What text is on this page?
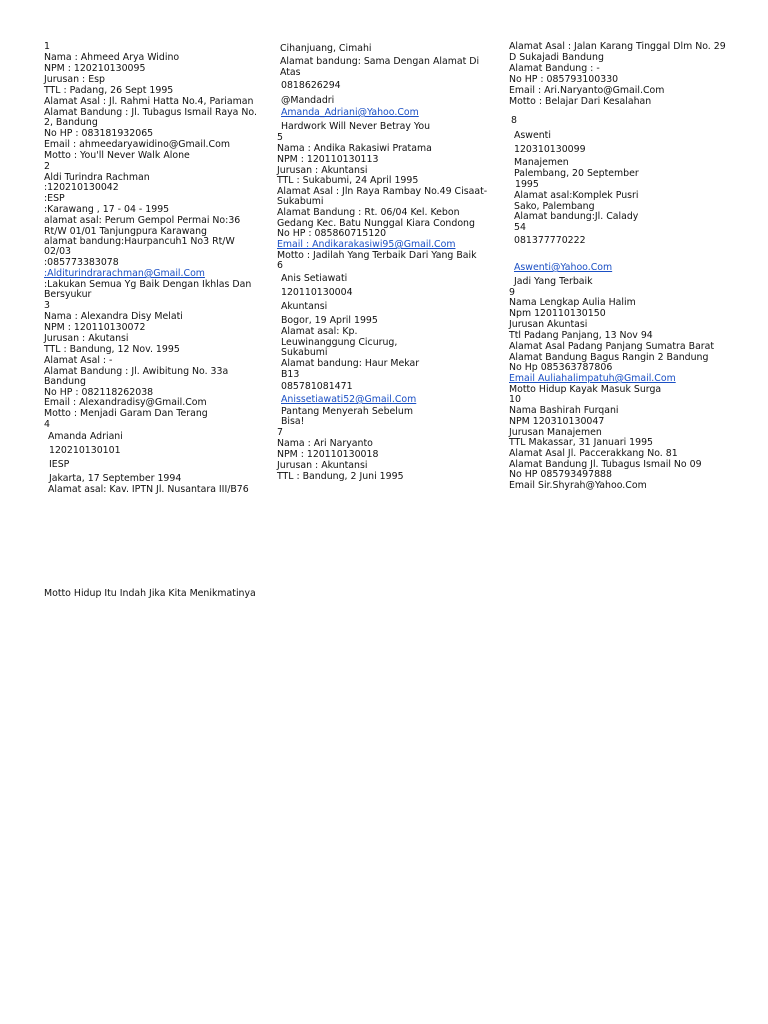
1
Nama : Ahmeed Arya Widino
NPM : 120210130095
Jurusan : Esp
TTL : Padang, 26 Sept 1995
Alamat Asal : Jl. Rahmi Hatta No.4, Pariaman
Alamat Bandung : Jl. Tubagus Ismail Raya No.
2, Bandung
No HP : 083181932065
Email : ahmeedaryawidino@Gmail.Com
Motto : You'll Never Walk Alone
2
Aldi Turindra Rachman
:120210130042
:ESP
:Karawang , 17 - 04 - 1995
alamat asal: Perum Gempol Permai No:36
Rt/W 01/01 Tanjungpura Karawang
alamat bandung:Haurpancuh1 No3 Rt/W
02/03
:085773383078
:Alditurindrarachman@Gmail.Com
:Lakukan Semua Yg Baik Dengan Ikhlas Dan
Bersyukur
3
Nama : Alexandra Disy Melati
NPM : 120110130072
Jurusan : Akutansi
TTL : Bandung, 12 Nov. 1995
Alamat Asal : -
Alamat Bandung : Jl. Awibitung No. 33a
Bandung
No HP : 082118262038
Email : Alexandradisy@Gmail.Com
Motto : Menjadi Garam Dan Terang
4
Amanda Adriani
120210130101
IESP
Jakarta, 17 September 1994
Alamat asal: Kav. IPTN Jl. Nusantara III/B76
Motto Hidup Itu Indah Jika Kita Menikmatinya
Cihanjuang, Cimahi
Alamat bandung: Sama Dengan Alamat Di
Atas
0818626294
@Mandadri
Amanda_Adriani@Yahoo.Com
Hardwork Will Never Betray You
5
Nama : Andika Rakasiwi Pratama
NPM : 120110130113
Jurusan : Akuntansi
TTL : Sukabumi, 24 April 1995
Alamat Asal : Jln Raya Rambay No.49 Cisaat-
Sukabumi
Alamat Bandung : Rt. 06/04 Kel. Kebon
Gedang Kec. Batu Nunggal Kiara Condong
No HP : 085860715120
Email : Andikarakasiwi95@Gmail.Com
Motto : Jadilah Yang Terbaik Dari Yang Baik
6
Anis Setiawati
120110130004
Akuntansi
Bogor, 19 April 1995
Alamat asal: Kp.
Leuwinanggung Cicurug,
Sukabumi
Alamat bandung: Haur Mekar
B13
085781081471
Anissetiawati52@Gmail.Com
Pantang Menyerah Sebelum
Bisa!
7
Nama : Ari Naryanto
NPM : 120110130018
Jurusan : Akuntansi
TTL : Bandung, 2 Juni 1995
Alamat Asal : Jalan Karang Tinggal Dlm No. 29
D Sukajadi Bandung
Alamat Bandung : -
No HP : 085793100330
Email : Ari.Naryanto@Gmail.Com
Motto : Belajar Dari Kesalahan
8
Aswenti
120310130099
Manajemen
Palembang, 20 September
1995
Alamat asal:Komplek Pusri
Sako, Palembang
Alamat bandung:Jl. Calady
54
081377770222
Aswenti@Yahoo.Com
Jadi Yang Terbaik
9
Nama Lengkap Aulia Halim
Npm 120110130150
Jurusan Akuntasi
Ttl Padang Panjang, 13 Nov 94
Alamat Asal Padang Panjang Sumatra Barat
Alamat Bandung Bagus Rangin 2 Bandung
No Hp 085363787806
Email Auliahalimpatuh@Gmail.Com
Motto Hidup Kayak Masuk Surga
10
Nama Bashirah Furqani
NPM 120310130047
Jurusan Manajemen
TTL Makassar, 31 Januari 1995
Alamat Asal Jl. Paccerakkang No. 81
Alamat Bandung Jl. Tubagus Ismail No 09
No HP 085793497888
Email Sir.Shyrah@Yahoo.Com
